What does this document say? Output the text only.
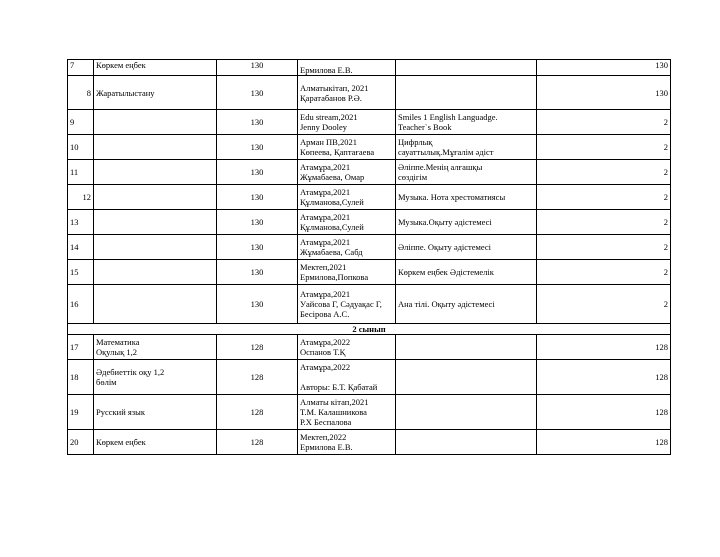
7	Көркем еңбек	130	Ермилова Е.В.		130
8	Жаратылыстану	130	Алматыкітап, 2021
Қаратабанов Р.Ә.		130
9		130	Edu stream,2021
Jenny Dooley	Smiles 1 English Languadge.
Teacher`s Book	2
10		130	Арман ПВ,2021
Көпеева, Қаптағаева	Цифрлық
сауаттылық.Мұғалім әдіст	2
11		130	Атамұра,2021
Жұмабаева, Омар	Әліппе.Менің алғашқы
сөздігім	2
12		130	Атамұра,2021
Құлманова,Сулей	Музыка. Нота хрестоматиясы	2
13		130	Атамұра,2021
Құлманова,Сулей	Музыка.Оқыту әдістемесі	2
14		130	Атамұра,2021
Жұмабаева, Сабд	Әліппе. Оқыту әдістемесі	2
15		130	Мектеп,2021
Ермилова,Попкова	Көркем еңбек Әдістемелік	2
16		130	Атамұра,2021
Уайсова Г, Сәдуақас Г,
Бесірова А.С.	Ана тілі. Оқыту әдістемесі	2
2 сынып					
17	Математика
Оқулық 1,2	128	Атамұра,2022
Оспанов Т.Қ		128
18	Әдебиеттік оқу 1,2
бөлім	128	Атамұра,2022

Авторы: Б.Т. Қабатай		128
19	Русский язык	128	Алматы кітап,2021
Т.М. Калашникова
Р.Х Беспалова		128
20	Көркем еңбек	128	Мектеп,2022
Ермилова Е.В.		128
